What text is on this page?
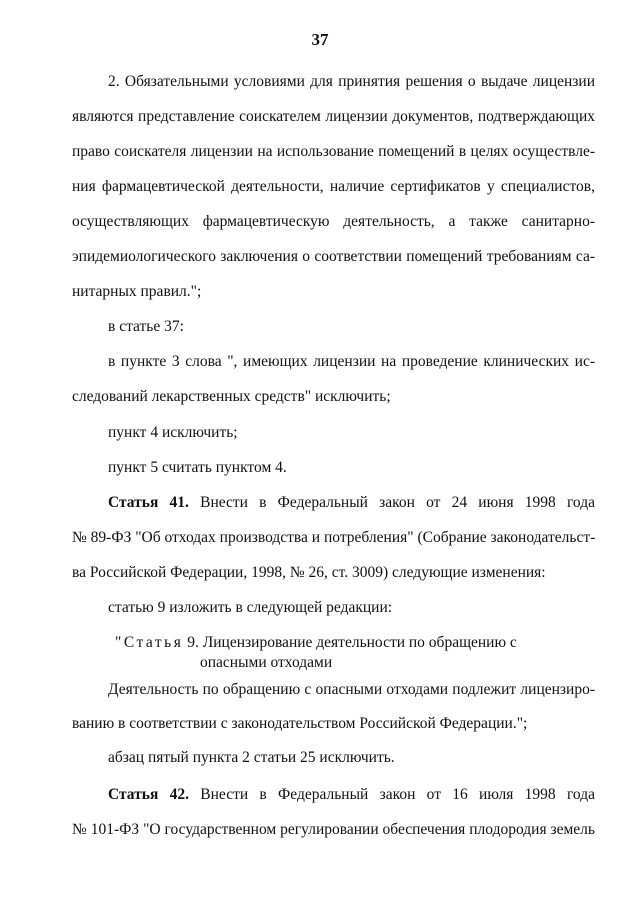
37
2. Обязательными условиями для принятия решения о выдаче лицензии
являются представление соискателем лицензии документов, подтверждающих
право соискателя лицензии на использование помещений в целях осуществле-
ния фармацевтической деятельности, наличие сертификатов у специалистов,
осуществляющих фармацевтическую деятельность, а также санитарно-
эпидемиологического заключения о соответствии помещений требованиям са-
нитарных правил.";
в статье 37:
в пункте 3 слова ", имеющих лицензии на проведение клинических ис-
следований лекарственных средств" исключить;
пункт 4 исключить;
пункт 5 считать пунктом 4.
Статья 41. Внести в Федеральный закон от 24 июня 1998 года
№ 89-ФЗ "Об отходах производства и потребления" (Собрание законодательст-
ва Российской Федерации, 1998, № 26, ст. 3009) следующие изменения:
статью 9 изложить в следующей редакции:
"Статья 9. Лицензирование деятельности по обращению с
опасными отходами
Деятельность по обращению с опасными отходами подлежит лицензиро-
ванию в соответствии с законодательством Российской Федерации.";
абзац пятый пункта 2 статьи 25 исключить.
Статья 42. Внести в Федеральный закон от 16 июля 1998 года
№ 101-ФЗ "О государственном регулировании обеспечения плодородия земель
